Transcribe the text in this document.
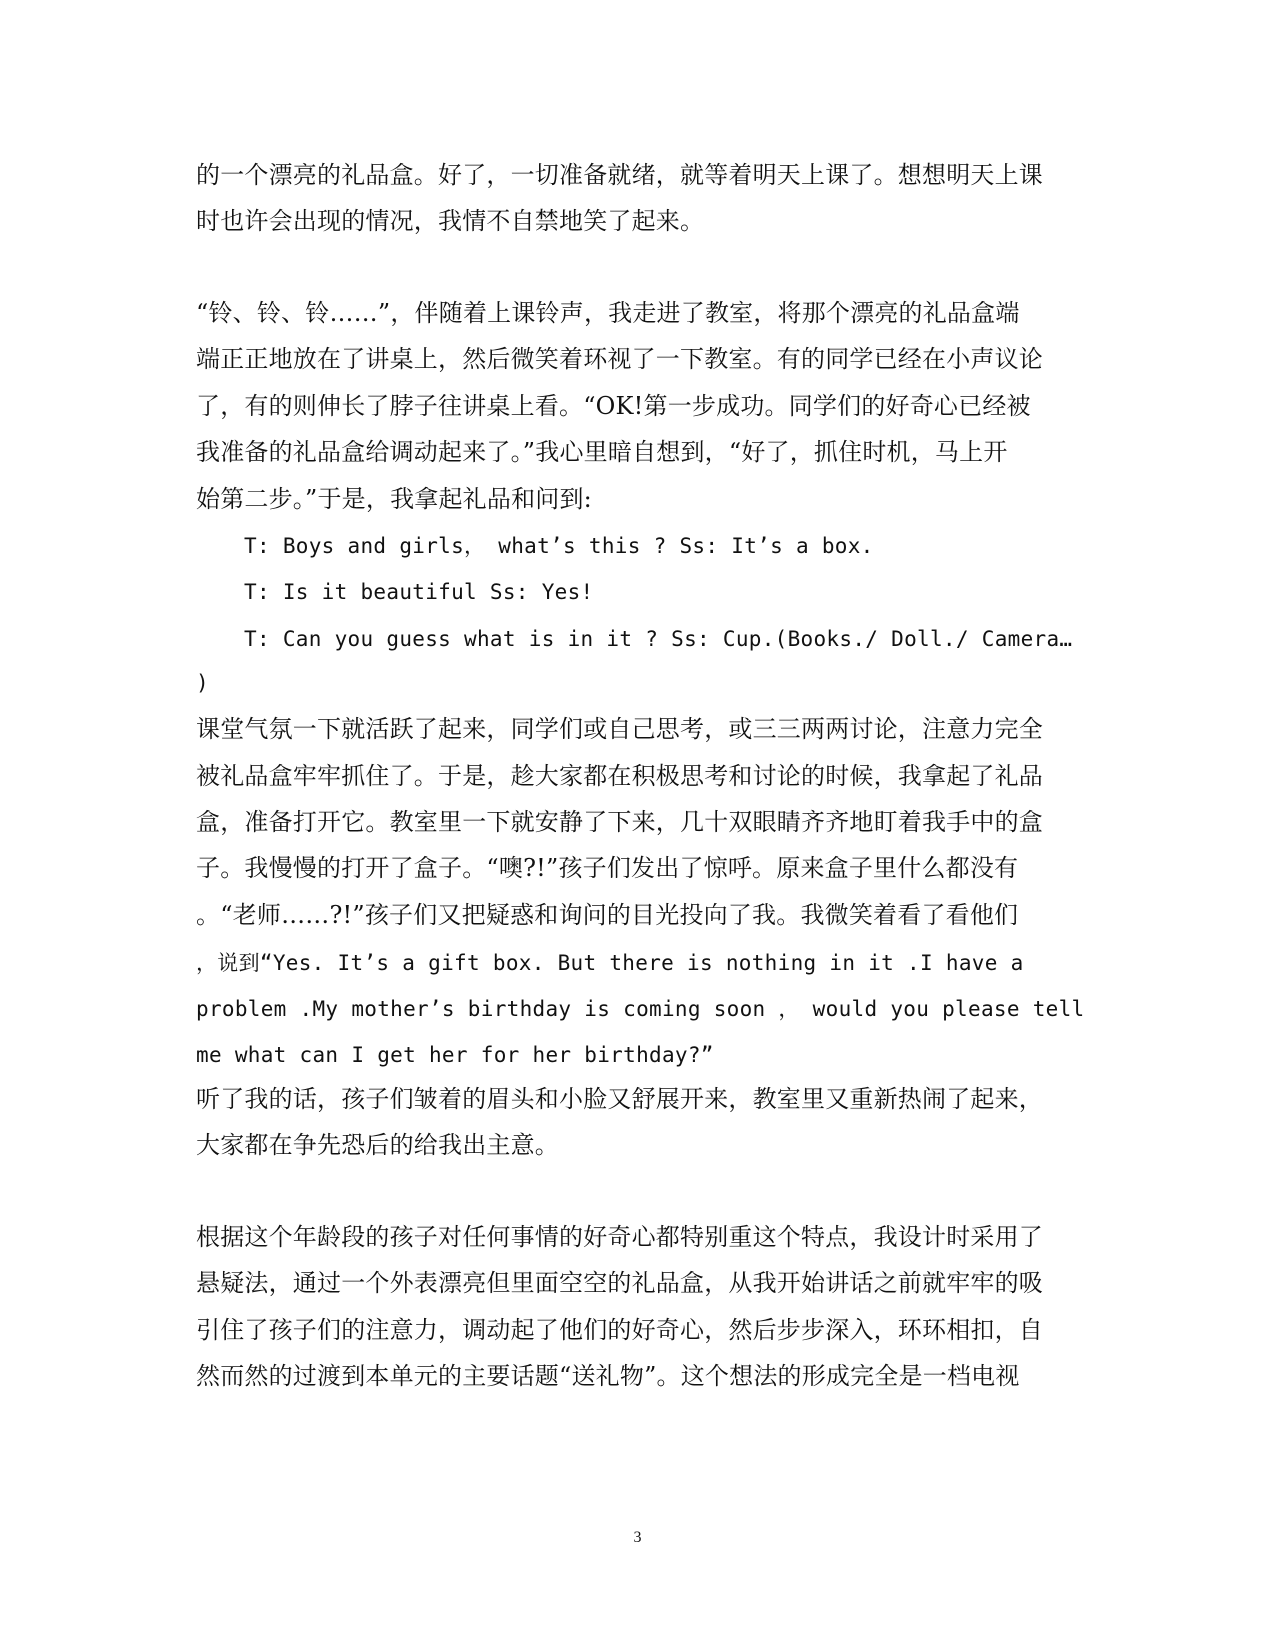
的一个漂亮的礼品盒。好了，一切准备就绪，就等着明天上课了。想想明天上课
时也许会出现的情况，我情不自禁地笑了起来。
“铃、铃、铃……”，伴随着上课铃声，我走进了教室，将那个漂亮的礼品盒端
端正正地放在了讲桌上，然后微笑着环视了一下教室。有的同学已经在小声议论
了，有的则伸长了脖子往讲桌上看。“OK!第一步成功。同学们的好奇心已经被
我准备的礼品盒给调动起来了。”我心里暗自想到，“好了，抓住时机，马上开
始第二步。”于是，我拿起礼品和问到:
T: Boys and girls， what’s this ? Ss: It’s a box.
T: Is it beautiful Ss: Yes!
T: Can you guess what is in it ? Ss: Cup.(Books./ Doll./ Camera…
)
课堂气氛一下就活跃了起来，同学们或自己思考，或三三两两讨论，注意力完全
被礼品盒牢牢抓住了。于是，趁大家都在积极思考和讨论的时候，我拿起了礼品
盒，准备打开它。教室里一下就安静了下来，几十双眼睛齐齐地盯着我手中的盒
子。我慢慢的打开了盒子。“噢?!”孩子们发出了惊呼。原来盒子里什么都没有
。“老师……?!”孩子们又把疑惑和询问的目光投向了我。我微笑着看了看他们
，说到“Yes. It’s a gift box. But there is nothing in it .I have a
problem .My mother’s birthday is coming soon ， would you please tell
me what can I get her for her birthday?”
听了我的话，孩子们皱着的眉头和小脸又舒展开来，教室里又重新热闹了起来，
大家都在争先恐后的给我出主意。
根据这个年龄段的孩子对任何事情的好奇心都特别重这个特点，我设计时采用了
悬疑法，通过一个外表漂亮但里面空空的礼品盒，从我开始讲话之前就牢牢的吸
引住了孩子们的注意力，调动起了他们的好奇心，然后步步深入，环环相扣，自
然而然的过渡到本单元的主要话题“送礼物”。这个想法的形成完全是一档电视
3
